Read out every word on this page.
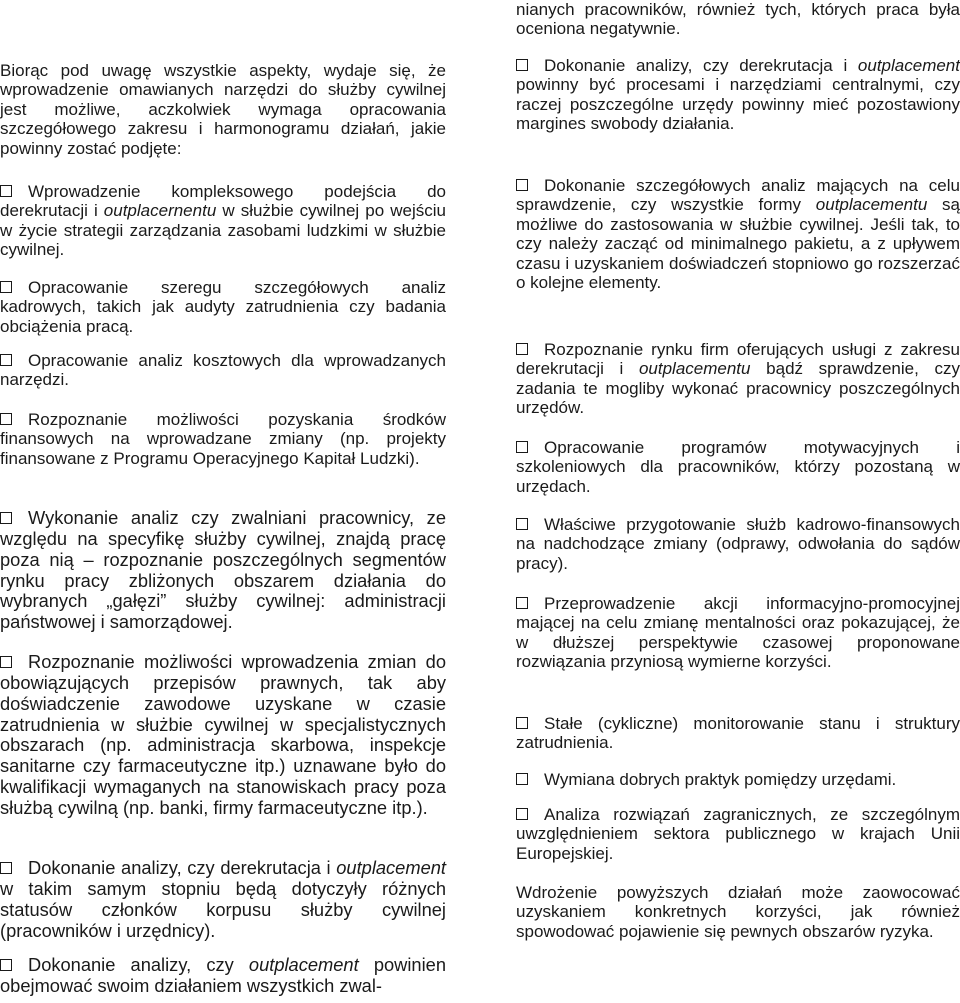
Biorąc pod uwagę wszystkie aspekty, wydaje się, że wprowadzenie omawianych narzędzi do służby cywilnej jest możliwe, aczkolwiek wymaga opracowania szczegółowego zakresu i harmonogramu działań, jakie powinny zostać podjęte:

Wprowadzenie kompleksowego podejścia do derekrutacji i outplacernentu w służbie cywilnej po wejściu w życie strategii zarządzania zasobami ludzkimi w służbie cywilnej.

Opracowanie szeregu szczegółowych analiz kadrowych, takich jak audyty zatrudnienia czy badania obciążenia pracą.

Opracowanie analiz kosztowych dla wprowadzanych narzędzi.

Rozpoznanie możliwości pozyskania środków finansowych na wprowadzane zmiany (np. projekty finansowane z Programu Operacyjnego Kapitał Ludzki).

Wykonanie analiz czy zwalniani pracownicy, ze względu na specyfikę służby cywilnej, znajdą pracę poza nią – rozpoznanie poszczególnych segmentów rynku pracy zbliżonych obszarem działania do wybranych „gałęzi” służby cywilnej: administracji państwowej i samorządowej.

Rozpoznanie możliwości wprowadzenia zmian do obowiązujących przepisów prawnych, tak aby doświadczenie zawodowe uzyskane w czasie zatrudnienia w służbie cywilnej w specjalistycznych obszarach (np. administracja skarbowa, inspekcje sanitarne czy farmaceutyczne itp.) uznawane było do kwalifikacji wymaganych na stanowiskach pracy poza służbą cywilną (np. banki, firmy farmaceutyczne itp.).

Dokonanie analizy, czy derekrutacja i outplacement w takim samym stopniu będą dotyczyły różnych statusów członków korpusu służby cywilnej (pracowników i urzędnicy).

Dokonanie analizy, czy outplacement powinien obejmować swoim działaniem wszystkich zwal-

nianych pracowników, również tych, których praca była oceniona negatywnie.

Dokonanie analizy, czy derekrutacja i outplacement powinny być procesami i narzędziami centralnymi, czy raczej poszczególne urzędy powinny mieć pozostawiony margines swobody działania.

Dokonanie szczegółowych analiz mających na celu sprawdzenie, czy wszystkie formy outplacementu są możliwe do zastosowania w służbie cywilnej. Jeśli tak, to czy należy zacząć od minimalnego pakietu, a z upływem czasu i uzyskaniem doświadczeń stopniowo go rozszerzać o kolejne elementy.

Rozpoznanie rynku firm oferujących usługi z zakresu derekrutacji i outplacementu bądź sprawdzenie, czy zadania te mogliby wykonać pracownicy poszczególnych urzędów.

Opracowanie programów motywacyjnych i szkoleniowych dla pracowników, którzy pozostaną w urzędach.

Właściwe przygotowanie służb kadrowo-finansowych na nadchodzące zmiany (odprawy, odwołania do sądów pracy).

Przeprowadzenie akcji informacyjno-promocyjnej mającej na celu zmianę mentalności oraz pokazującej, że w dłuższej perspektywie czasowej proponowane rozwiązania przyniosą wymierne korzyści.

Stałe (cykliczne) monitorowanie stanu i struktury zatrudnienia.

Wymiana dobrych praktyk pomiędzy urzędami.

Analiza rozwiązań zagranicznych, ze szczególnym uwzględnieniem sektora publicznego w krajach Unii Europejskiej.

Wdrożenie powyższych działań może zaowocować uzyskaniem konkretnych korzyści, jak również spowodować pojawienie się pewnych obszarów ryzyka.
